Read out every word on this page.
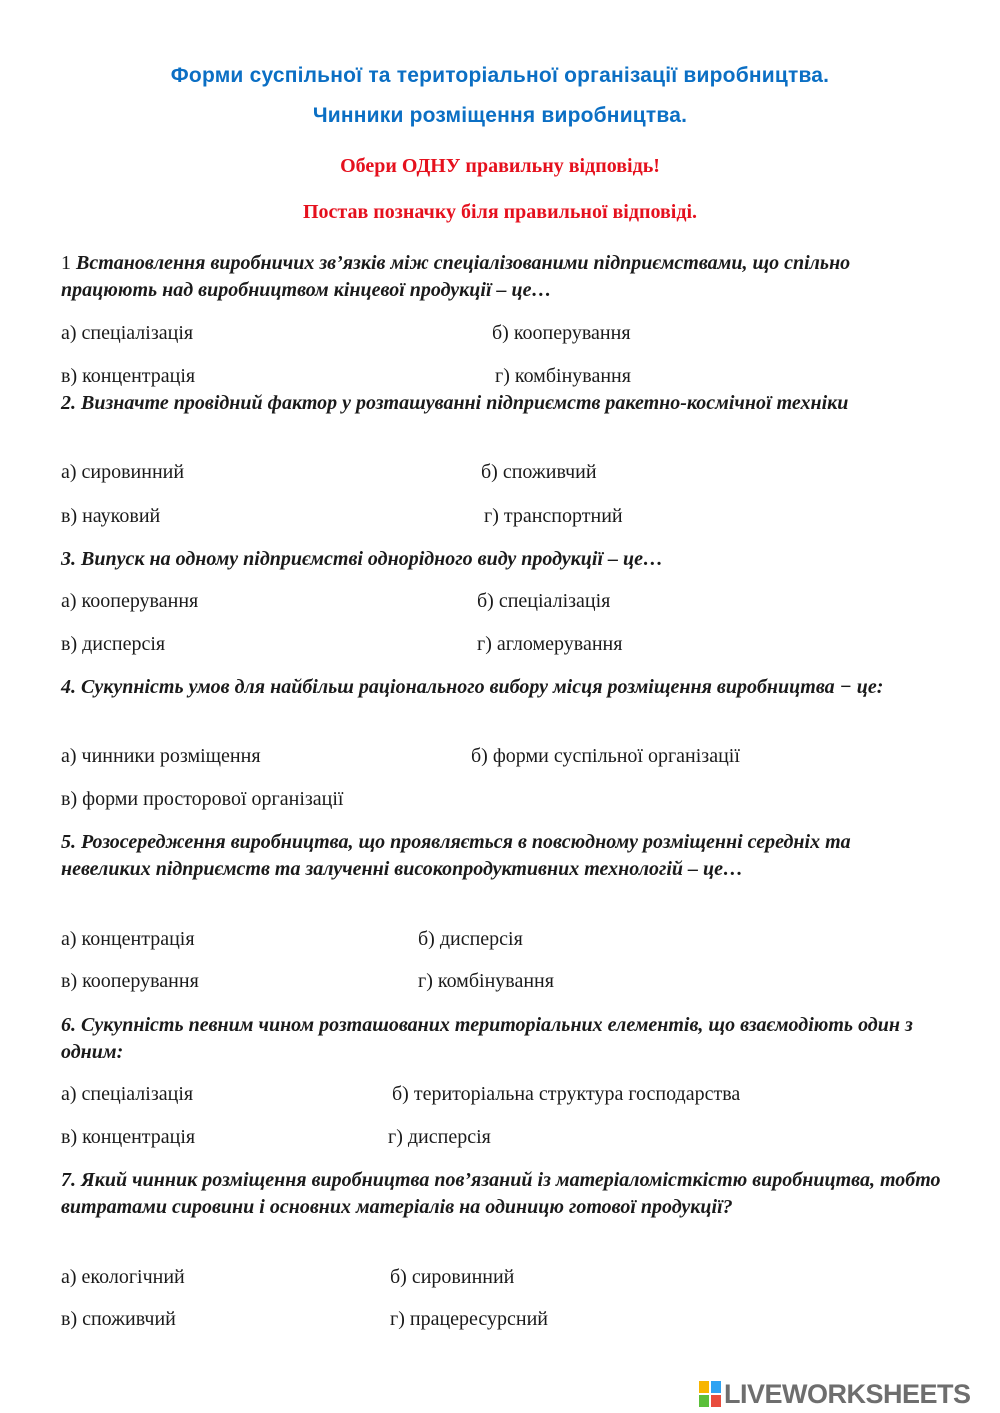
Форми суспільної та територіальної організації виробництва.
Чинники розміщення виробництва.
Обери ОДНУ правильну відповідь!
Постав позначку біля правильної відповіді.
1 Встановлення виробничих зв’язків між спеціалізованими підприємствами, що спільно працюють над виробництвом кінцевої продукції – це…
а) спеціалізація	б) кооперування
в) концентрація	г) комбінування
2. Визначте провідний фактор у розташуванні підприємств ракетно-космічної техніки
а) сировинний	б) споживчий
в) науковий	г) транспортний
3. Випуск на одному підприємстві однорідного виду продукції – це…
а) кооперування	б) спеціалізація
в) дисперсія	г) агломерування
4. Сукупність умов для найбільш раціонального вибору місця розміщення виробництва − це:
а) чинники розміщення	б) форми суспільної організації
в) форми просторової організації
5. Розосередження виробництва, що проявляється в повсюдному розміщенні середніх та невеликих підприємств та залученні високопродуктивних технологій – це…
а) концентрація	б) дисперсія
в) кооперування	г) комбінування
6. Сукупність певним чином розташованих територіальних елементів, що взаємодіють один з одним:
а) спеціалізація	б) територіальна структура господарства
в) концентрація	г) дисперсія
7. Який чинник розміщення виробництва пов’язаний із матеріаломісткістю виробництва, тобто витратами сировини і основних матеріалів на одиницю готової продукції?
а) екологічний	б) сировинний
в) споживчий	г) працересурсний
LIVEWORKSHEETS
